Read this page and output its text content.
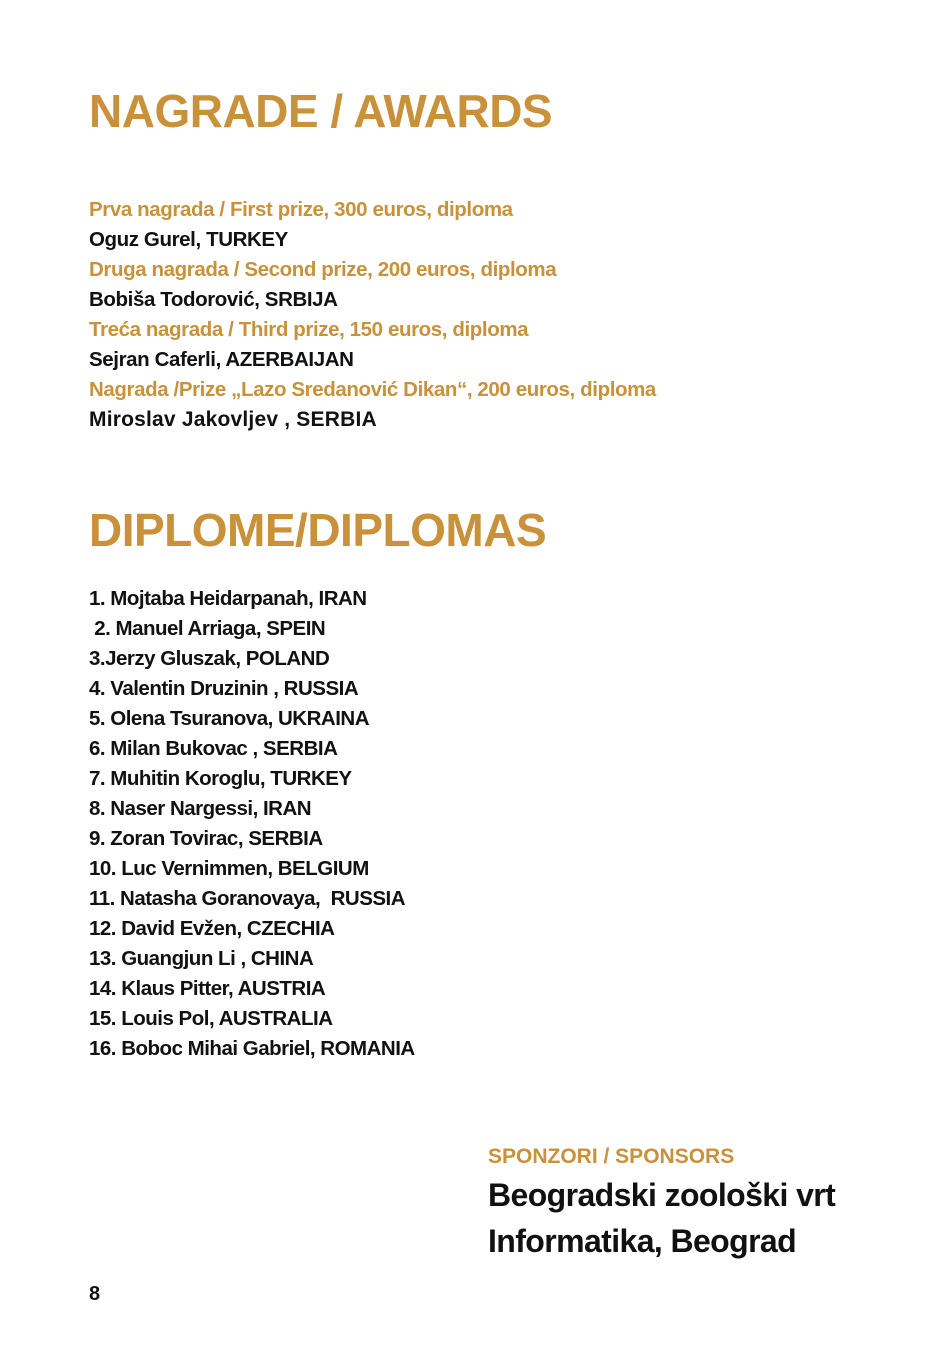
NAGRADE / AWARDS
Prva nagrada / First prize, 300 euros, diploma
Oguz Gurel, TURKEY
Druga nagrada / Second prize, 200 euros, diploma
Bobiša Todorović, SRBIJA
Treća nagrada / Third prize, 150 euros, diploma
Sejran Caferli, AZERBAIJAN
Nagrada /Prize „Lazo Sredanović Dikan“, 200 euros, diploma
Miroslav Jakovljev , SERBIA
DIPLOME/DIPLOMAS
1. Mojtaba Heidarpanah, IRAN
2. Manuel Arriaga, SPEIN
3.Jerzy Gluszak, POLAND
4. Valentin Druzinin , RUSSIA
5. Olena Tsuranova, UKRAINA
6. Milan Bukovac , SERBIA
7. Muhitin Koroglu, TURKEY
8. Naser Nargessi, IRAN
9. Zoran Tovirac, SERBIA
10. Luc Vernimmen, BELGIUM
11. Natasha Goranovaya,  RUSSIA
12. David Evžen, CZECHIA
13. Guangjun Li , CHINA
14. Klaus Pitter, AUSTRIA
15. Louis Pol, AUSTRALIA
16. Boboc Mihai Gabriel, ROMANIA
SPONZORI / SPONSORS
Beogradski zoološki vrt
Informatika, Beograd
8
